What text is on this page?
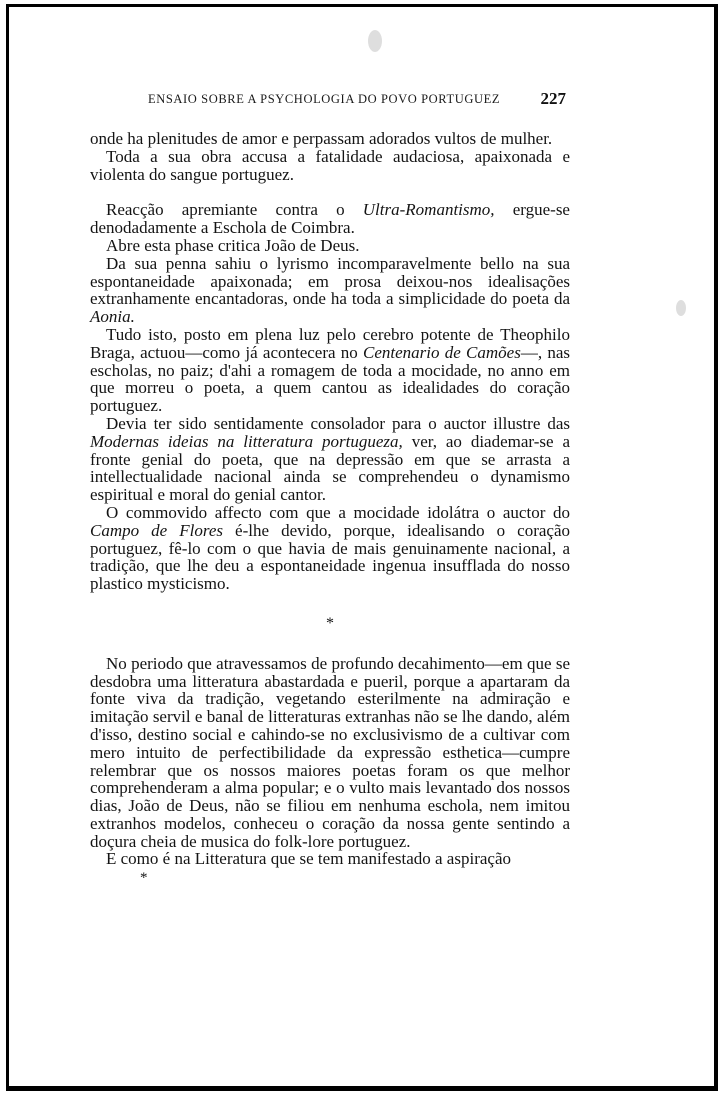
ENSAIO SOBRE A PSYCHOLOGIA DO POVO PORTUGUEZ 227

onde ha plenitudes de amor e perpassam adorados vultos de mulher.

Toda a sua obra accusa a fatalidade audaciosa, apaixonada e violenta do sangue portuguez.

Reacção apremiante contra o Ultra-Romantismo, ergue-se denodadamente a Eschola de Coimbra.

Abre esta phase critica João de Deus.

Da sua penna sahiu o lyrismo incomparavelmente bello na sua espontaneidade apaixonada; em prosa deixou-nos idealisações extranhamente encantadoras, onde ha toda a simplicidade do poeta da Aonia.

Tudo isto, posto em plena luz pelo cerebro potente de Theophilo Braga, actuou—como já acontecera no Centenario de Camões—, nas escholas, no paiz; d'ahi a romagem de toda a mocidade, no anno em que morreu o poeta, a quem cantou as idealidades do coração portuguez.

Devia ter sido sentidamente consolador para o auctor illustre das Modernas ideias na litteratura portugueza, ver, ao diademar-se a fronte genial do poeta, que na depressão em que se arrasta a intellectualidade nacional ainda se comprehendeu o dynamismo espiritual e moral do genial cantor.

O commovido affecto com que a mocidade idolátra o auctor do Campo de Flores é-lhe devido, porque, idealisando o coração portuguez, fê-lo com o que havia de mais genuinamente nacional, a tradição, que lhe deu a espontaneidade ingenua insufflada do nosso plastico mysticismo.

*

No periodo que atravessamos de profundo decahimento—em que se desdobra uma litteratura abastardada e pueril, porque a apartaram da fonte viva da tradição, vegetando esterilmente na admiração e imitação servil e banal de litteraturas extranhas não se lhe dando, além d'isso, destino social e cahindo-se no exclusivismo de a cultivar com mero intuito de perfectibilidade da expressão esthetica—cumpre relembrar que os nossos maiores poetas foram os que melhor comprehenderam a alma popular; e o vulto mais levantado dos nossos dias, João de Deus, não se filiou em nenhuma eschola, nem imitou extranhos modelos, conheceu o coração da nossa gente sentindo a doçura cheia de musica do folk-lore portuguez.

E como é na Litteratura que se tem manifestado a aspiração

*
